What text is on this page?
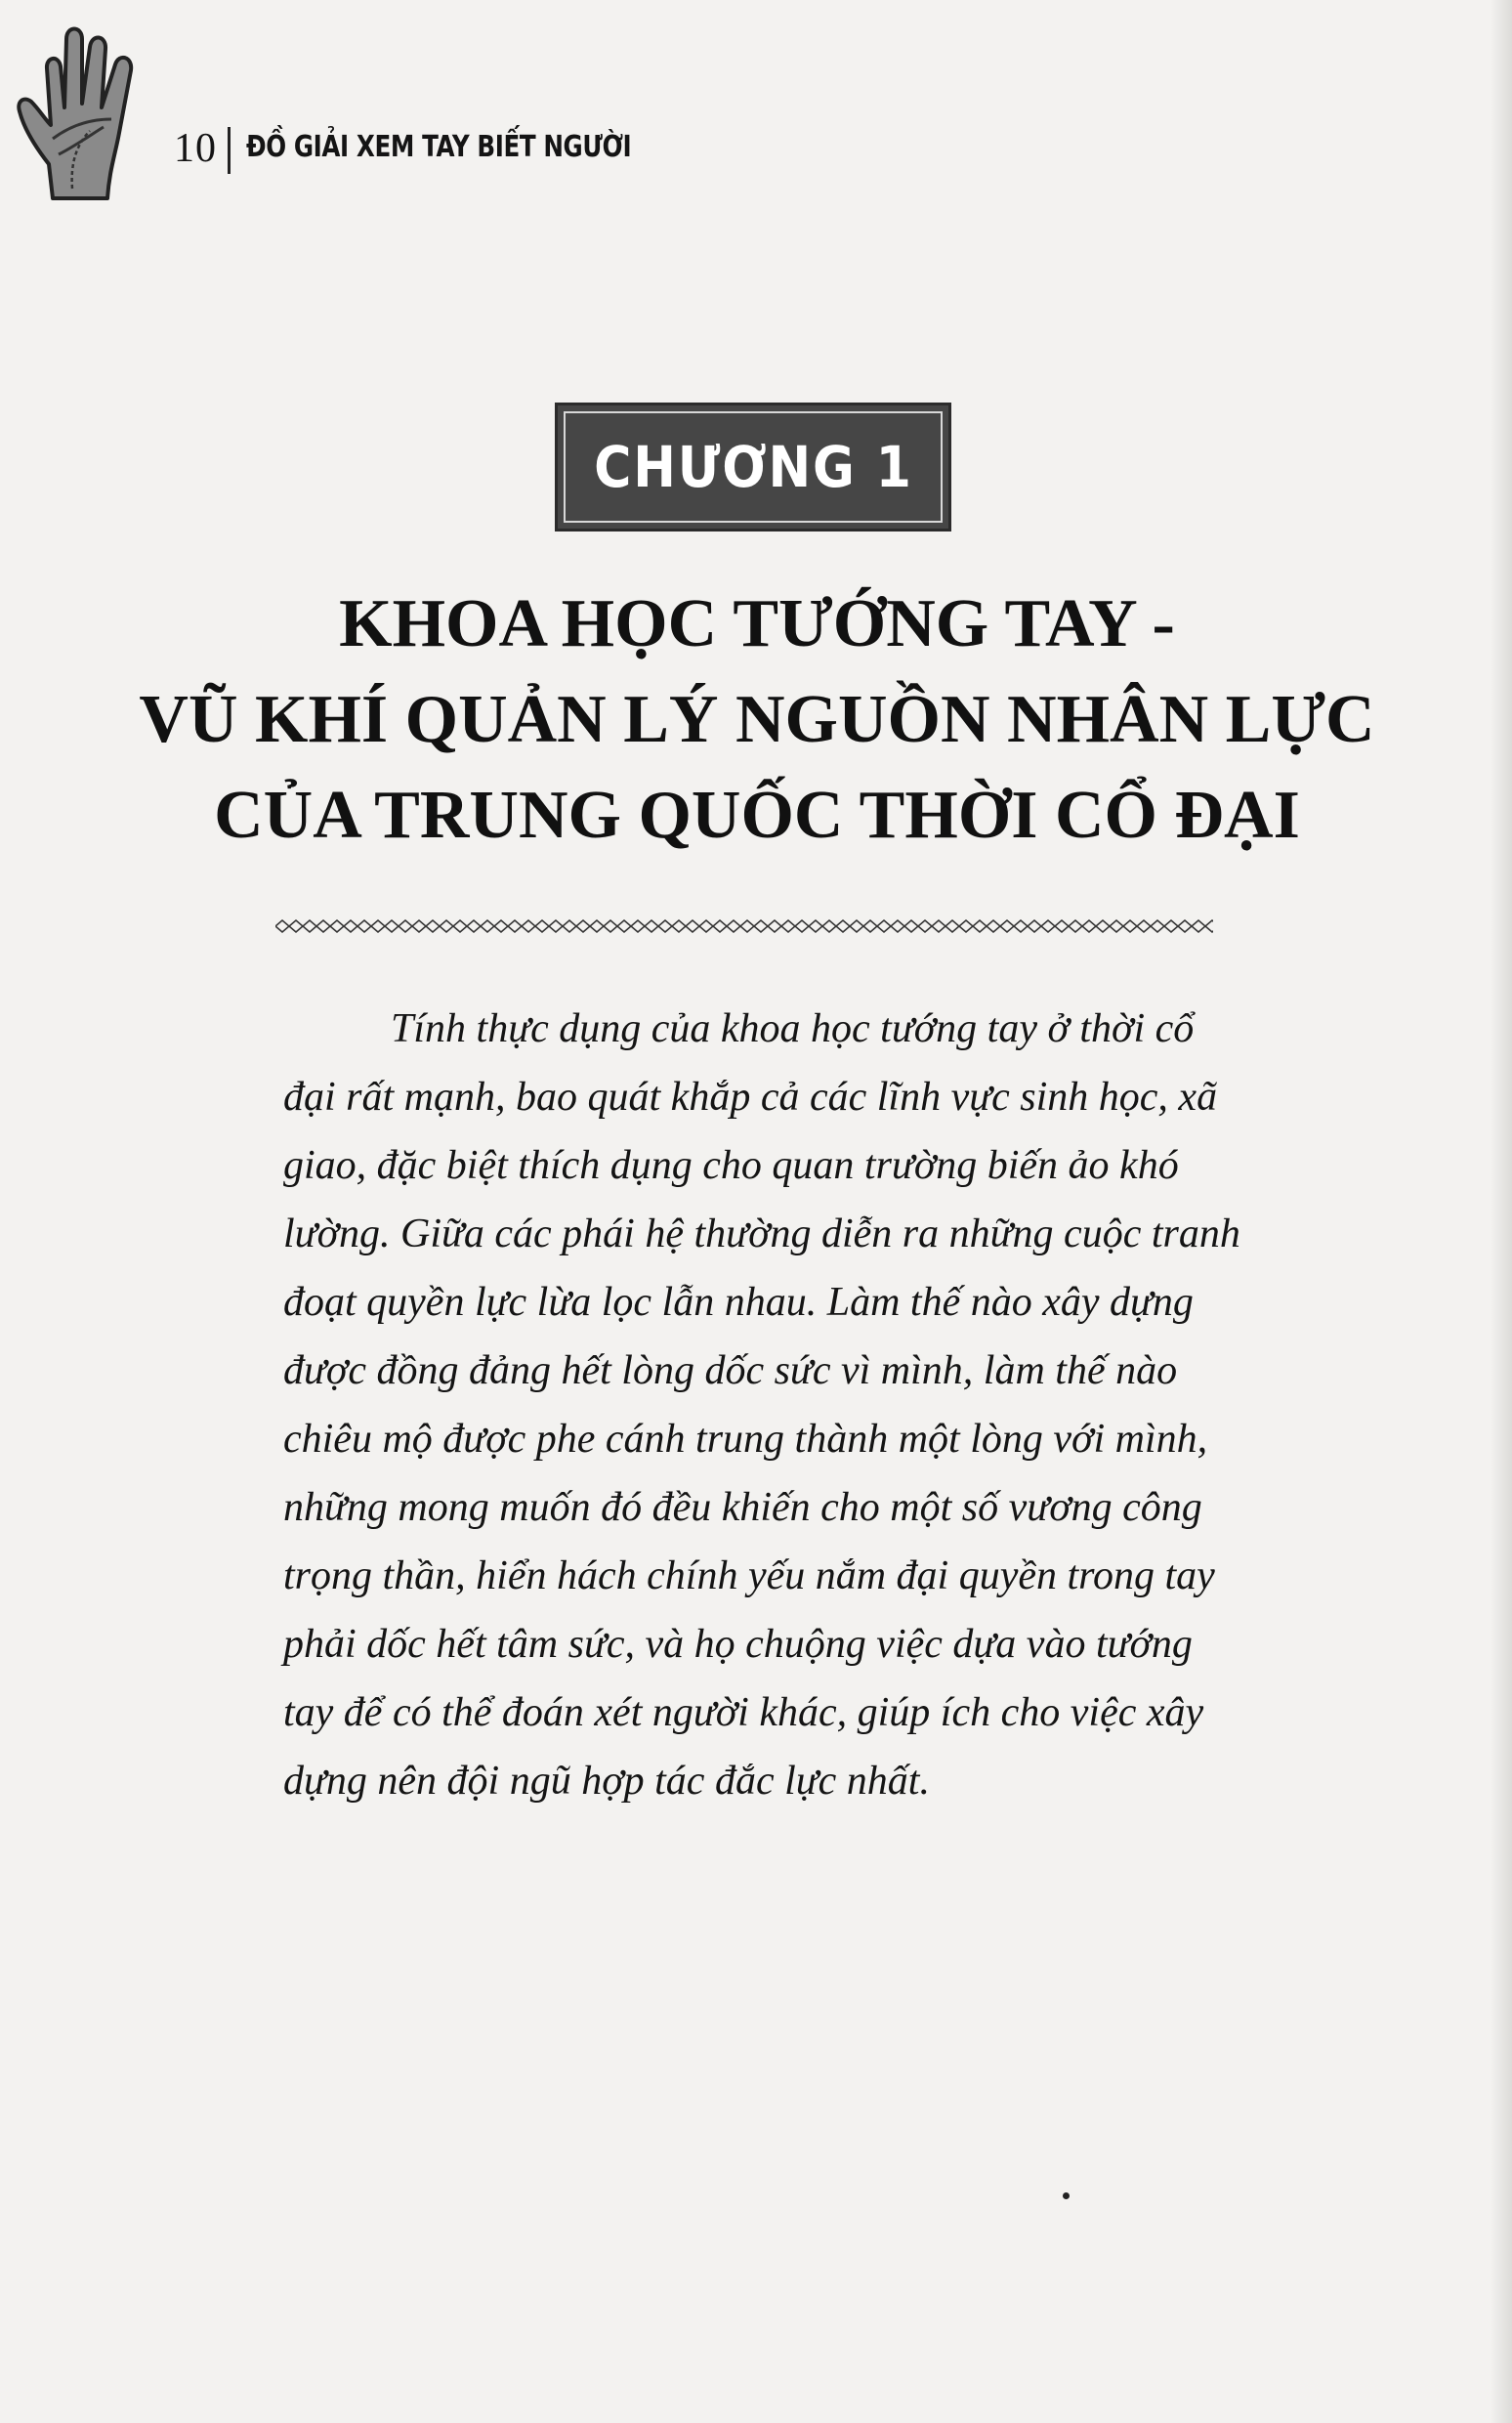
10 ĐỒ GIẢI XEM TAY BIẾT NGƯỜI
CHƯƠNG 1
KHOA HỌC TƯỚNG TAY -
VŨ KHÍ QUẢN LÝ NGUỒN NHÂN LỰC
CỦA TRUNG QUỐC THỜI CỔ ĐẠI
Tính thực dụng của khoa học tướng tay ở thời cổ đại rất mạnh, bao quát khắp cả các lĩnh vực sinh học, xã giao, đặc biệt thích dụng cho quan trường biến ảo khó lường. Giữa các phái hệ thường diễn ra những cuộc tranh đoạt quyền lực lừa lọc lẫn nhau. Làm thế nào xây dựng được đồng đảng hết lòng dốc sức vì mình, làm thế nào chiêu mộ được phe cánh trung thành một lòng với mình, những mong muốn đó đều khiến cho một số vương công trọng thần, hiển hách chính yếu nắm đại quyền trong tay phải dốc hết tâm sức, và họ chuộng việc dựa vào tướng tay để có thể đoán xét người khác, giúp ích cho việc xây dựng nên đội ngũ hợp tác đắc lực nhất.
